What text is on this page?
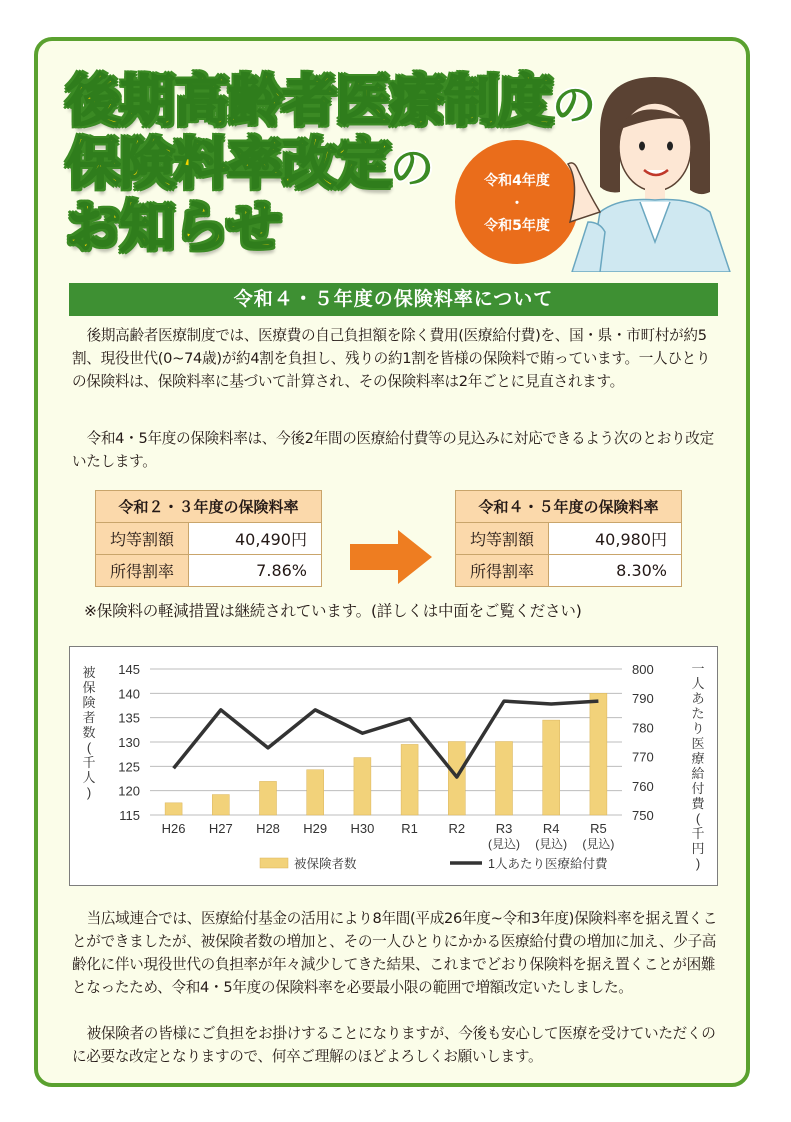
後期高齢者医療制度の
保険料率改定の
お知らせ
令和4年度
・
令和5年度
令和４・５年度の保険料率について
後期高齢者医療制度では、医療費の自己負担額を除く費用(医療給付費)を、国・県・市町村が約5割、現役世代(0~74歳)が約4割を負担し、残りの約1割を皆様の保険料で賄っています。一人ひとりの保険料は、保険料率に基づいて計算され、その保険料率は2年ごとに見直されます。
令和4・5年度の保険料率は、今後2年間の医療給付費等の見込みに対応できるよう次のとおり改定いたします。
令和２・３年度の保険料率	
均等割額	40,490円
所得割率	7.86%
令和４・５年度の保険料率	
均等割額	40,980円
所得割率	8.30%
※保険料の軽減措置は継続されています。(詳しくは中面をご覧ください)
145
140
135
130
125
120
115
800
790
780
770
760
750
H26 H27 H28 H29 H30 R1 R2 R3
(見込)
R4
(見込)
R5
(見込)
被保険者数(千人)
一人あたり医療給付費(千円)
被保険者数	1人あたり医療給付費
当広域連合では、医療給付基金の活用により8年間(平成26年度~令和3年度)保険料率を据え置くことができましたが、被保険者数の増加と、その一人ひとりにかかる医療給付費の増加に加え、少子高齢化に伴い現役世代の負担率が年々減少してきた結果、これまでどおり保険料を据え置くことが困難となったため、令和4・5年度の保険料率を必要最小限の範囲で増額改定いたしました。
被保険者の皆様にご負担をお掛けすることになりますが、今後も安心して医療を受けていただくのに必要な改定となりますので、何卒ご理解のほどよろしくお願いします。
